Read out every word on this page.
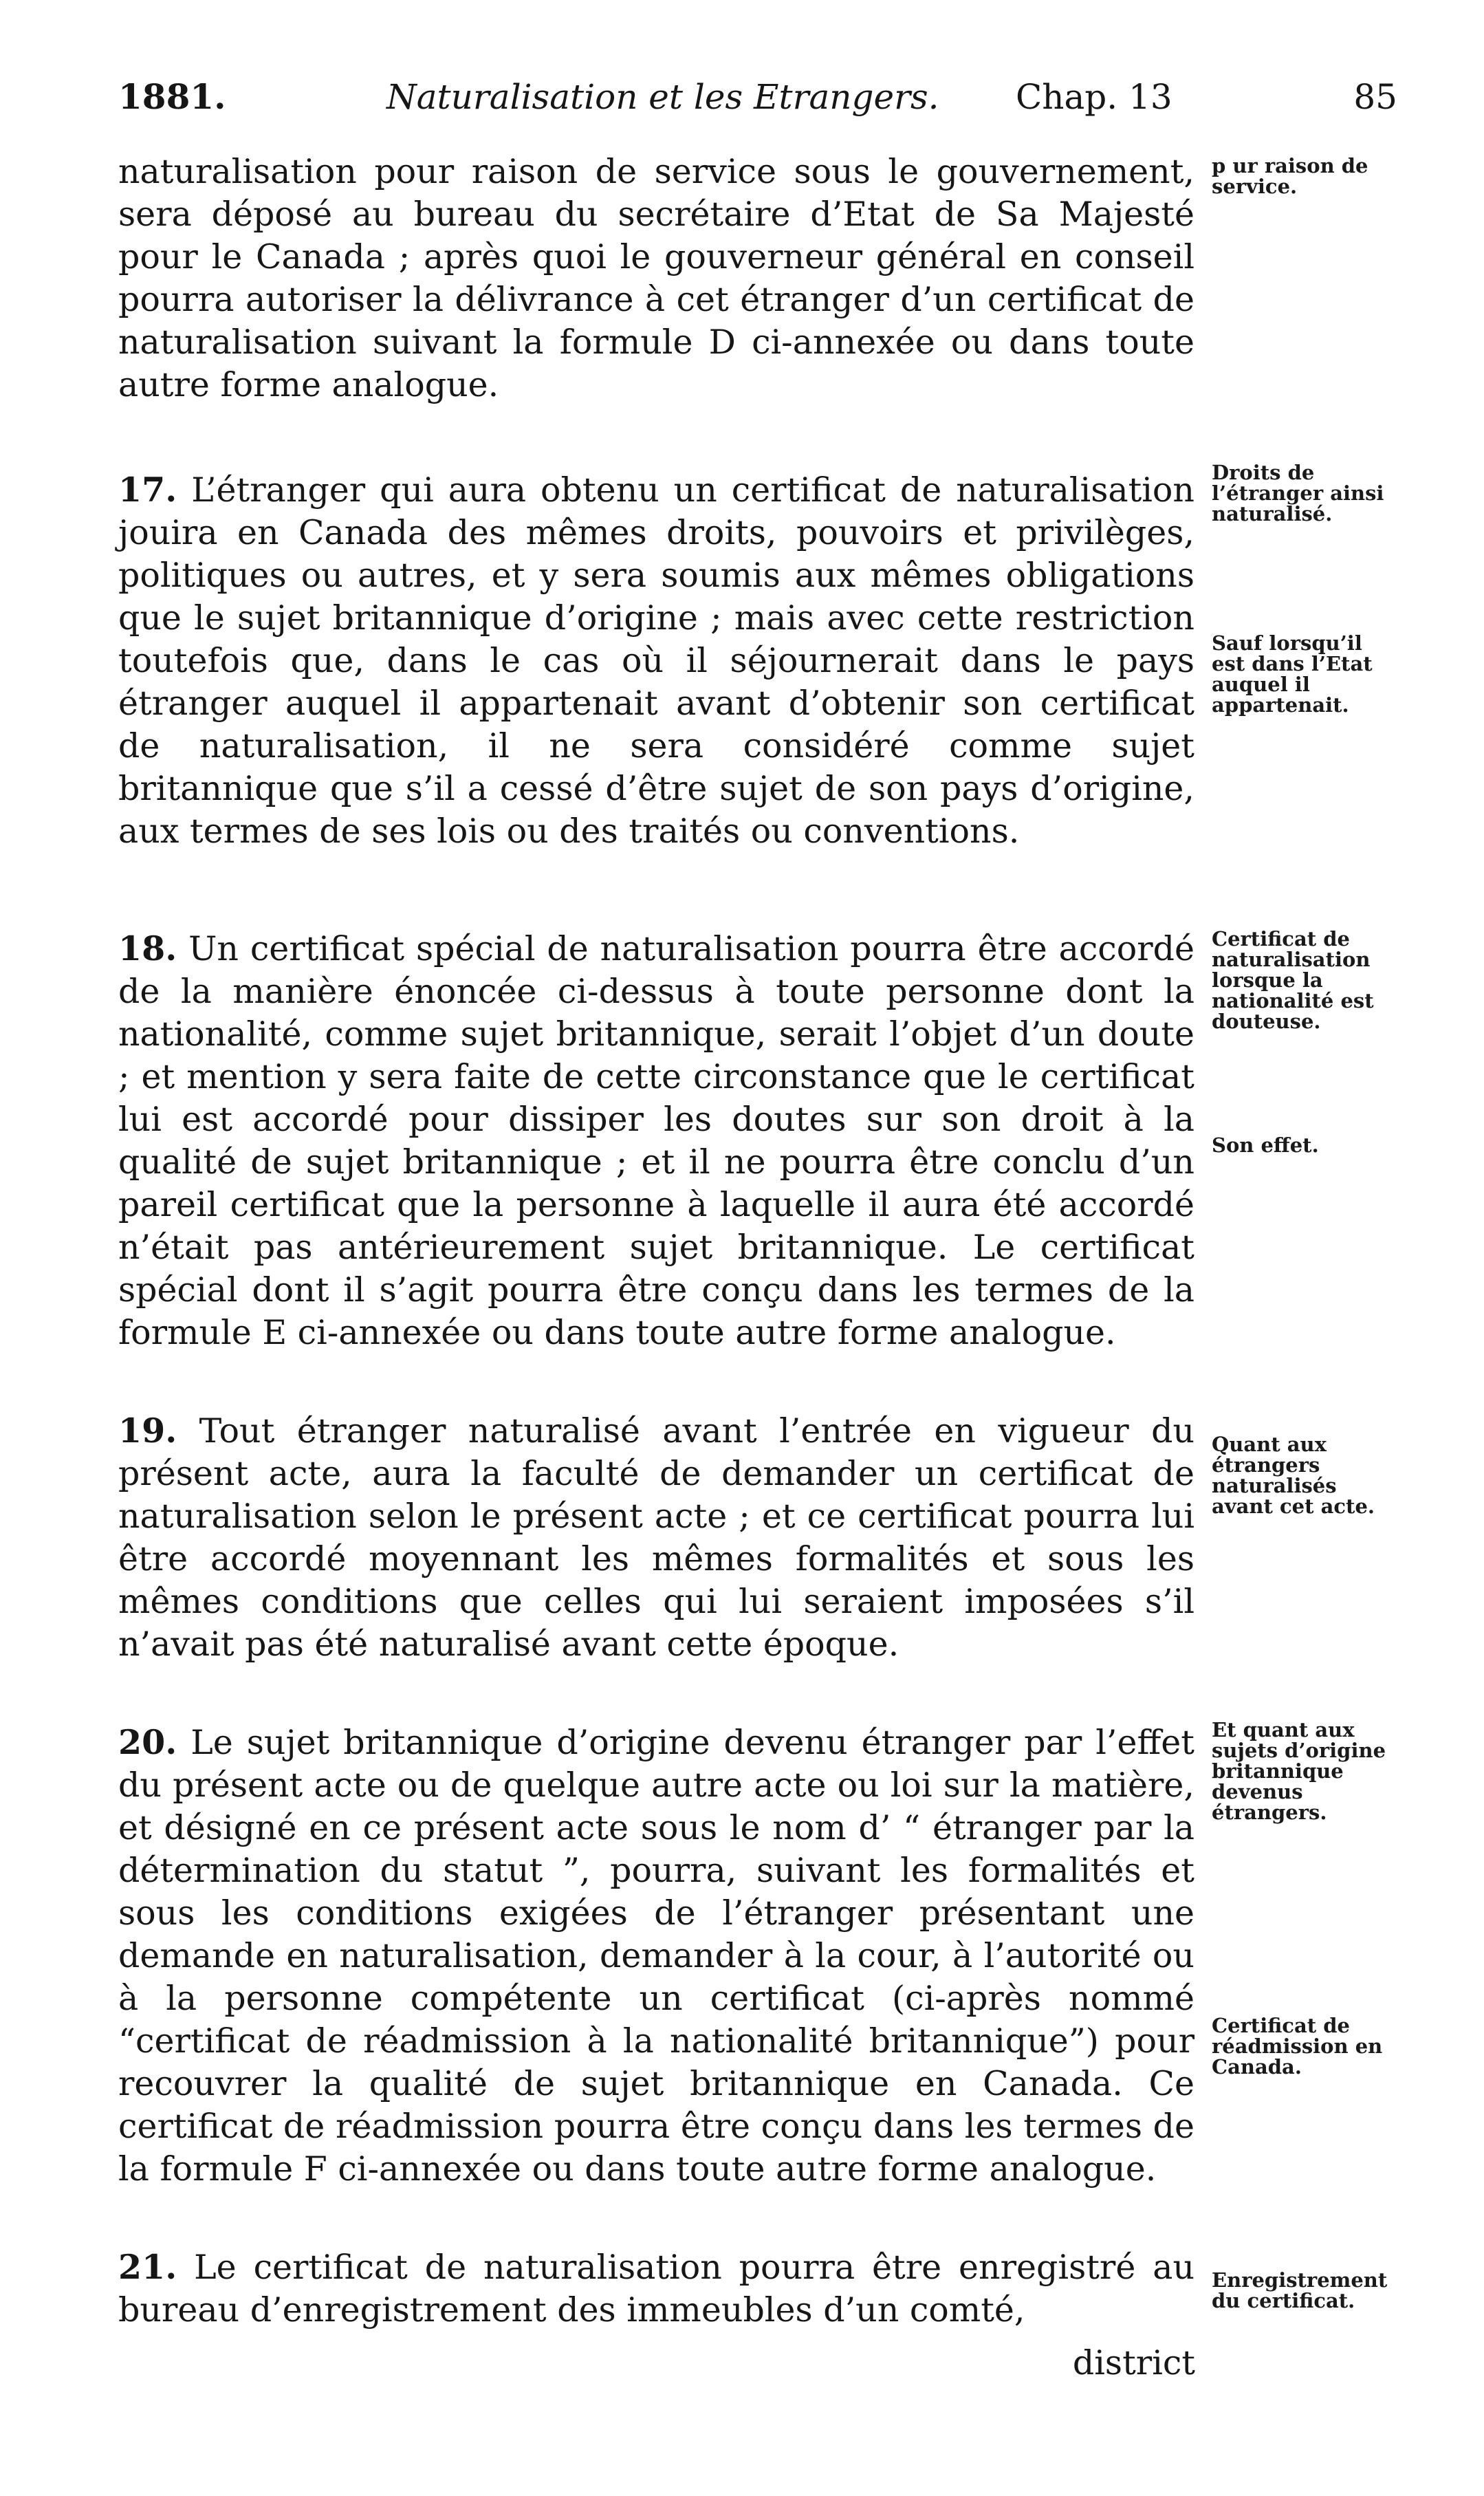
1881.	Naturalisation et les Etrangers. Chap. 13	85

naturalisation pour raison de service sous le gouvernement, sera déposé au bureau du secrétaire d’Etat de Sa Majesté pour le Canada ; après quoi le gouverneur général en conseil pourra autoriser la délivrance à cet étranger d’un certificat de naturalisation suivant la formule D ci-annexée ou dans toute autre forme analogue.

17. L’étranger qui aura obtenu un certificat de naturalisation jouira en Canada des mêmes droits, pouvoirs et privilèges, politiques ou autres, et y sera soumis aux mêmes obligations que le sujet britannique d’origine ; mais avec cette restriction toutefois que, dans le cas où il séjournerait dans le pays étranger auquel il appartenait avant d’obtenir son certificat de naturalisation, il ne sera considéré comme sujet britannique que s’il a cessé d’être sujet de son pays d’origine, aux termes de ses lois ou des traités ou conventions.

18. Un certificat spécial de naturalisation pourra être accordé de la manière énoncée ci-dessus à toute personne dont la nationalité, comme sujet britannique, serait l’objet d’un doute ; et mention y sera faite de cette circonstance que le certificat lui est accordé pour dissiper les doutes sur son droit à la qualité de sujet britannique ; et il ne pourra être conclu d’un pareil certificat que la personne à laquelle il aura été accordé n’était pas antérieurement sujet britannique. Le certificat spécial dont il s’agit pourra être conçu dans les termes de la formule E ci-annexée ou dans toute autre forme analogue.

19. Tout étranger naturalisé avant l’entrée en vigueur du présent acte, aura la faculté de demander un certificat de naturalisation selon le présent acte ; et ce certificat pourra lui être accordé moyennant les mêmes formalités et sous les mêmes conditions que celles qui lui seraient imposées s’il n’avait pas été naturalisé avant cette époque.

20. Le sujet britannique d’origine devenu étranger par l’effet du présent acte ou de quelque autre acte ou loi sur la matière, et désigné en ce présent acte sous le nom d’ “ étranger par la détermination du statut ”, pourra, suivant les formalités et sous les conditions exigées de l’étranger présentant une demande en naturalisation, demander à la cour, à l’autorité ou à la personne compétente un certificat (ci-après nommé “certificat de réadmission à la nationalité britannique”) pour recouvrer la qualité de sujet britannique en Canada. Ce certificat de réadmission pourra être conçu dans les termes de la formule F ci-annexée ou dans toute autre forme analogue.

21. Le certificat de naturalisation pourra être enregistré au bureau d’enregistrement des immeubles d’un comté,

district
p ur raison de service.
Droits de l’étranger ainsi naturalisé.
Sauf lorsqu’il est dans l’Etat auquel il appartenait.
Certificat de naturalisation lorsque la nationalité est douteuse.
Son effet.
Quant aux étrangers naturalisés avant cet acte.
Et quant aux sujets d’origine britannique devenus étrangers.
Certificat de réadmission en Canada.
Enregistrement du certificat.
